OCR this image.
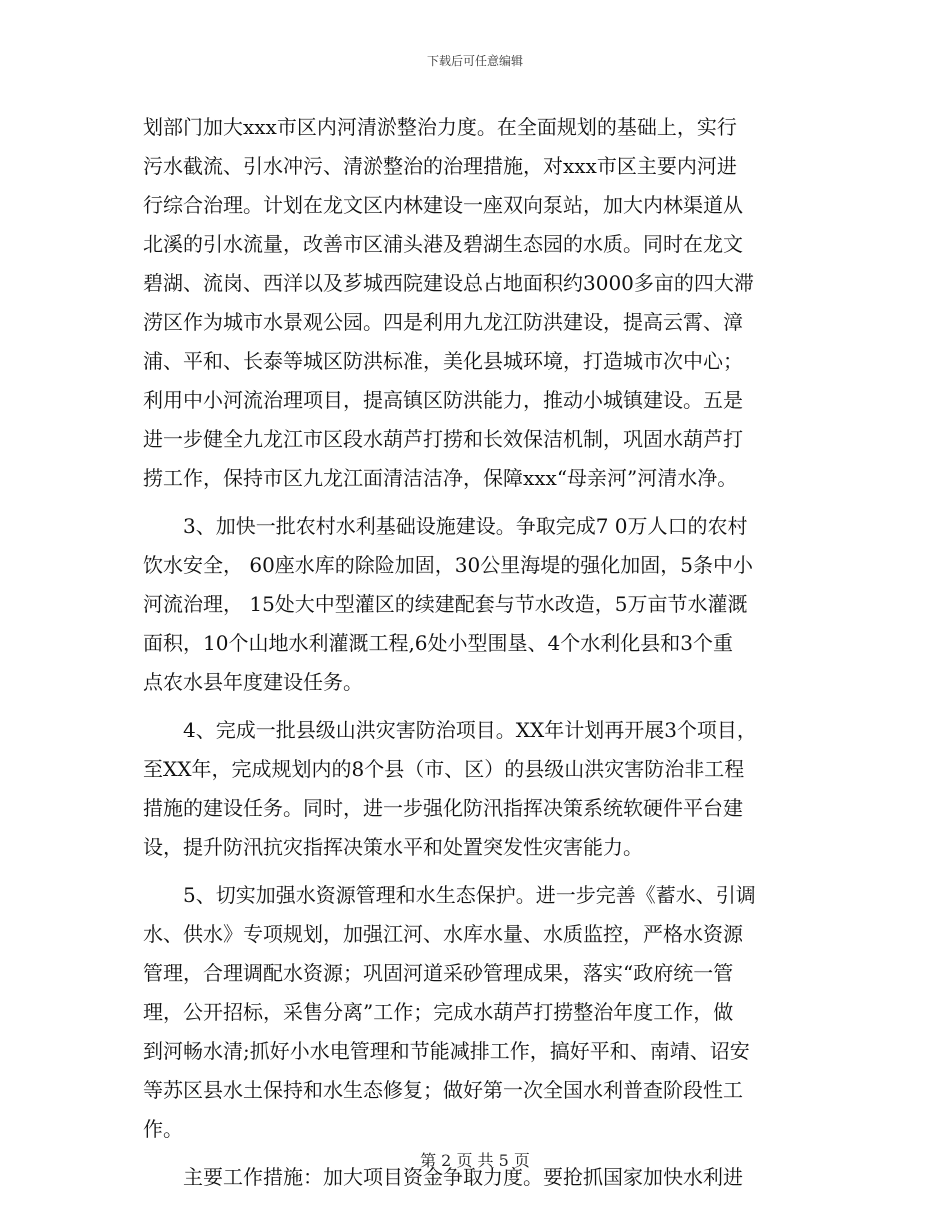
下载后可任意编辑
划部门加大xxx市区内河清淤整治力度。在全面规划的基础上，实行
污水截流、引水冲污、清淤整治的治理措施，对xxx市区主要内河进
行综合治理。计划在龙文区内林建设一座双向泵站，加大内林渠道从
北溪的引水流量，改善市区浦头港及碧湖生态园的水质。同时在龙文
碧湖、流岗、西洋以及芗城西院建设总占地面积约3000多亩的四大滞
涝区作为城市水景观公园。四是利用九龙江防洪建设，提高云霄、漳
浦、平和、长泰等城区防洪标准，美化县城环境，打造城市次中心；
利用中小河流治理项目，提高镇区防洪能力，推动小城镇建设。五是
进一步健全九龙江市区段水葫芦打捞和长效保洁机制，巩固水葫芦打
捞工作，保持市区九龙江面清洁洁净，保障xxx“母亲河”河清水净。
3、加快一批农村水利基础设施建设。争取完成7 0万人口的农村
饮水安全， 60座水库的除险加固，30公里海堤的强化加固，5条中小
河流治理， 15处大中型灌区的续建配套与节水改造，5万亩节水灌溉
面积，10个山地水利灌溉工程,6处小型围垦、4个水利化县和3个重
点农水县年度建设任务。
4、完成一批县级山洪灾害防治项目。XX年计划再开展3个项目，
至XX年，完成规划内的8个县（市、区）的县级山洪灾害防治非工程
措施的建设任务。同时，进一步强化防汛指挥决策系统软硬件平台建
设，提升防汛抗灾指挥决策水平和处置突发性灾害能力。
5、切实加强水资源管理和水生态保护。进一步完善《蓄水、引调
水、供水》专项规划，加强江河、水库水量、水质监控，严格水资源
管理，合理调配水资源；巩固河道采砂管理成果，落实“政府统一管
理，公开招标，采售分离”工作；完成水葫芦打捞整治年度工作，做
到河畅水清;抓好小水电管理和节能减排工作，搞好平和、南靖、诏安
等苏区县水土保持和水生态修复；做好第一次全国水利普查阶段性工
作。
主要工作措施：加大项目资金争取力度。要抢抓国家加快水利进
第 2 页 共 5 页
